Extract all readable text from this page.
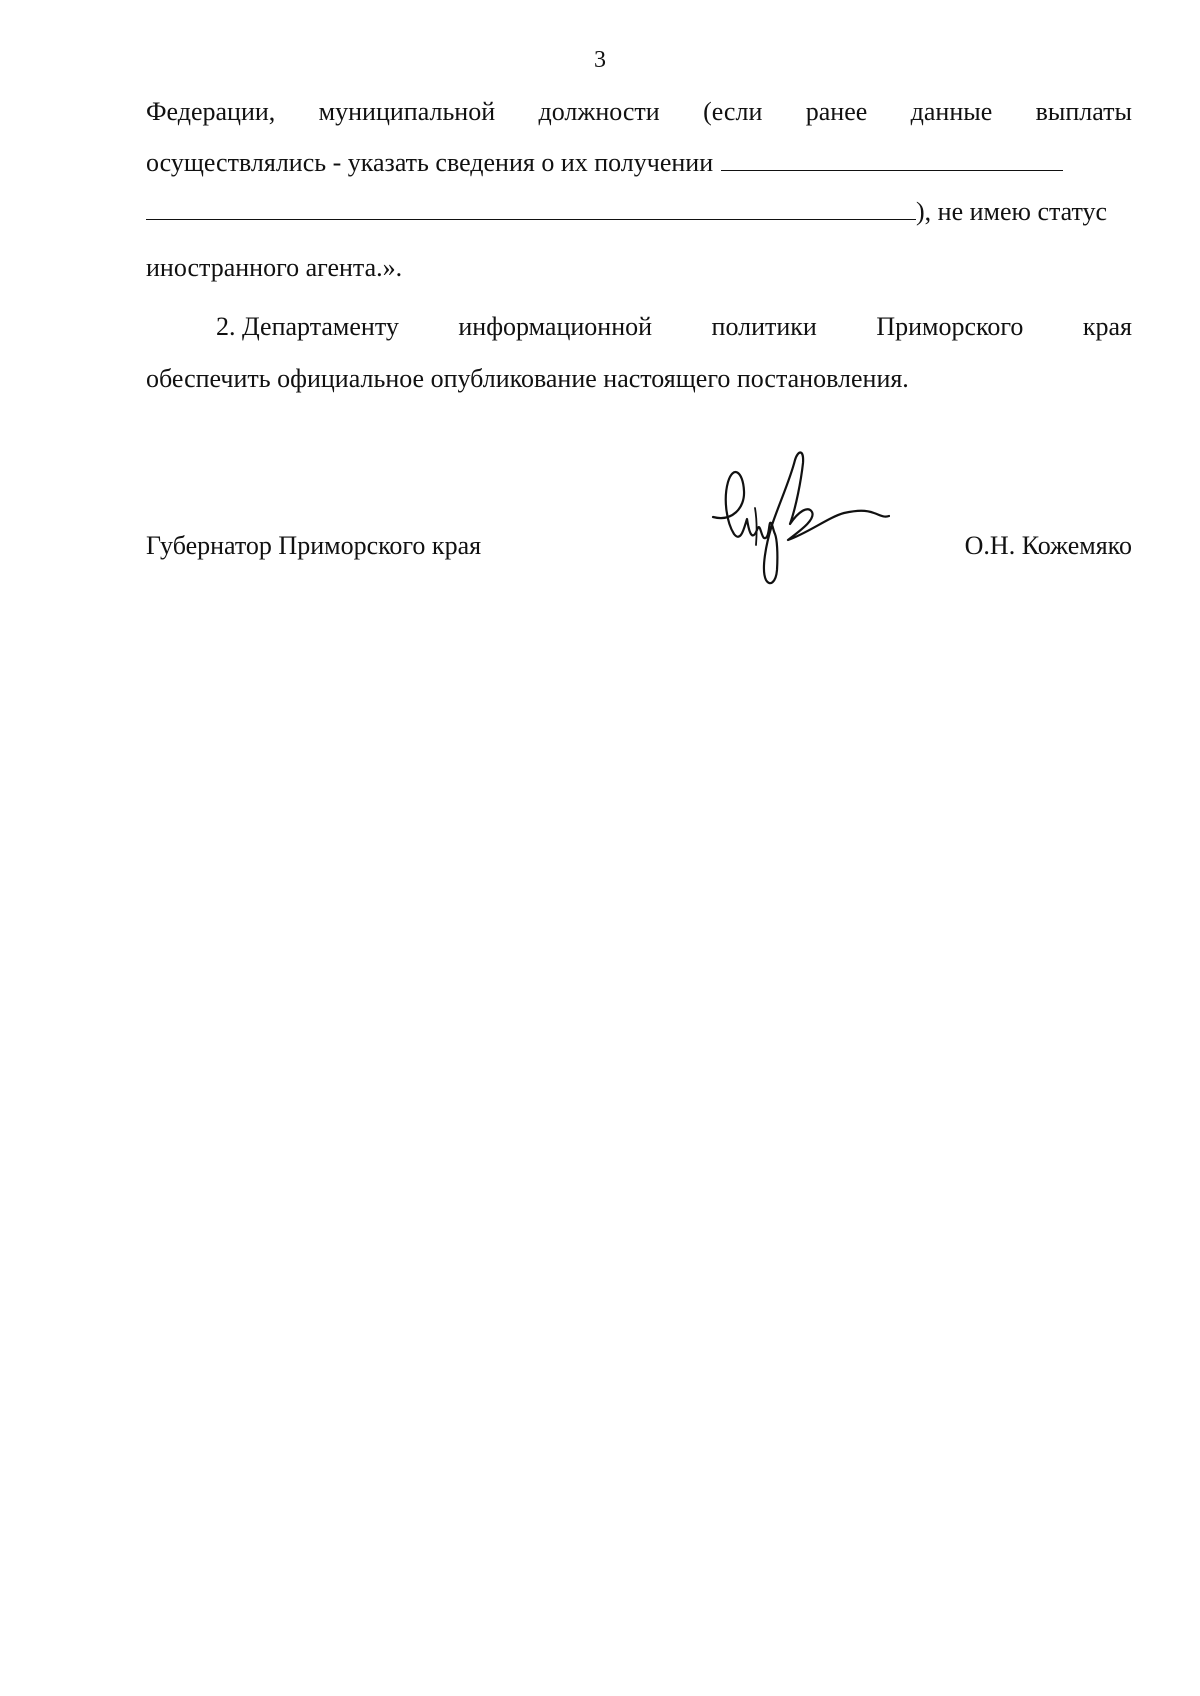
3
Федерации, муниципальной должности (если ранее данные выплаты
осуществлялись - указать сведения о их получении
), не имею статус
иностранного агента.».
2. Департаменту информационной политики Приморского края
обеспечить официальное опубликование настоящего постановления.
Губернатор Приморского края	О.Н. Кожемяко
